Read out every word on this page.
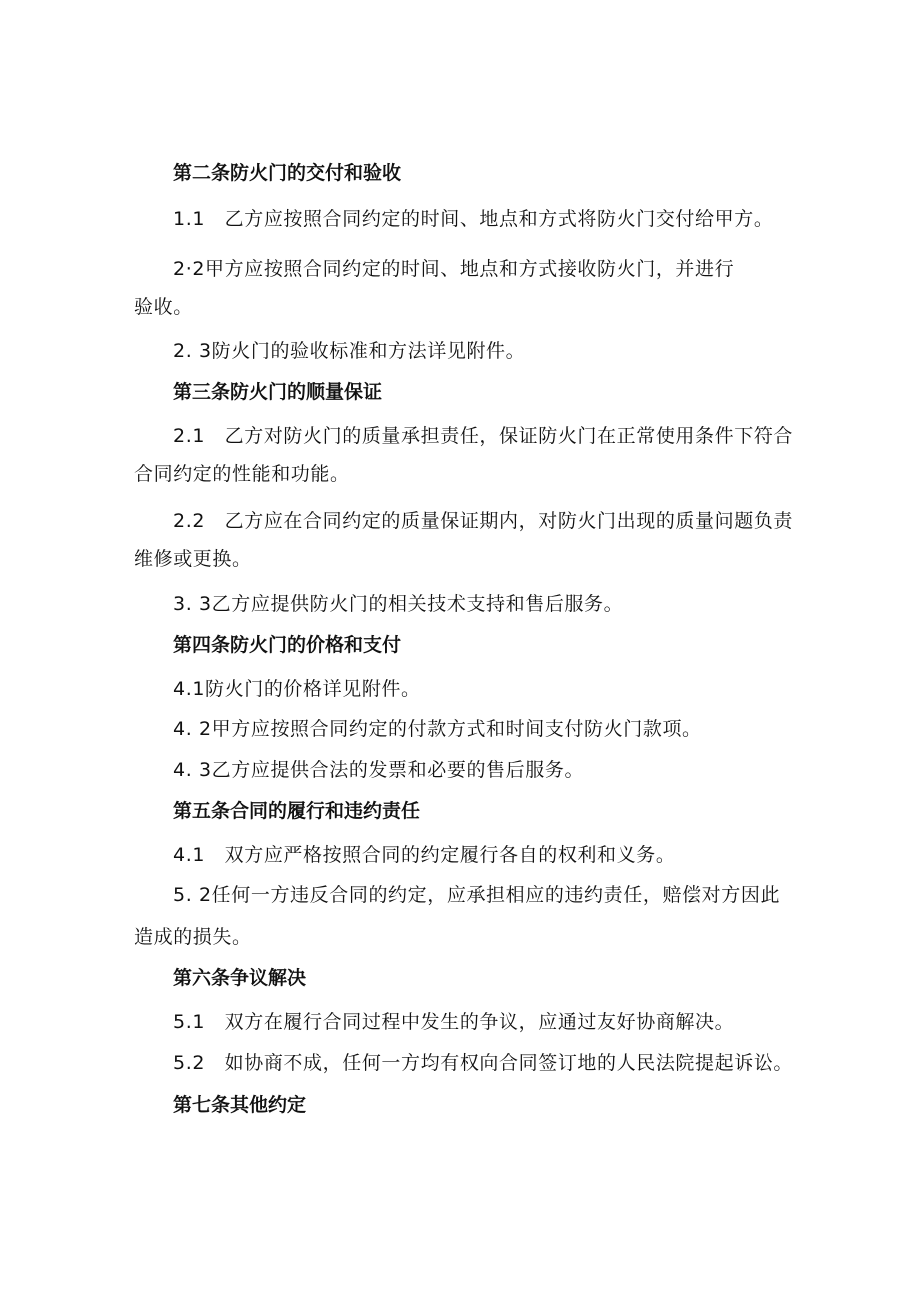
第二条防火门的交付和验收
1.1　乙方应按照合同约定的时间、地点和方式将防火门交付给甲方。
2·2甲方应按照合同约定的时间、地点和方式接收防火门，并进行
验收。
2. 3防火门的验收标准和方法详见附件。
第三条防火门的顺量保证
2.1　乙方对防火门的质量承担责任，保证防火门在正常使用条件下符合
合同约定的性能和功能。
2.2　乙方应在合同约定的质量保证期内，对防火门出现的质量问题负责
维修或更换。
3. 3乙方应提供防火门的相关技术支持和售后服务。
第四条防火门的价格和支付
4.1防火门的价格详见附件。
4. 2甲方应按照合同约定的付款方式和时间支付防火门款项。
4. 3乙方应提供合法的发票和必要的售后服务。
第五条合同的履行和违约责任
4.1　双方应严格按照合同的约定履行各自的权利和义务。
5. 2任何一方违反合同的约定，应承担相应的违约责任，赔偿对方因此
造成的损失。
第六条争议解决
5.1　双方在履行合同过程中发生的争议，应通过友好协商解决。
5.2　如协商不成，任何一方均有权向合同签订地的人民法院提起诉讼。
第七条其他约定
